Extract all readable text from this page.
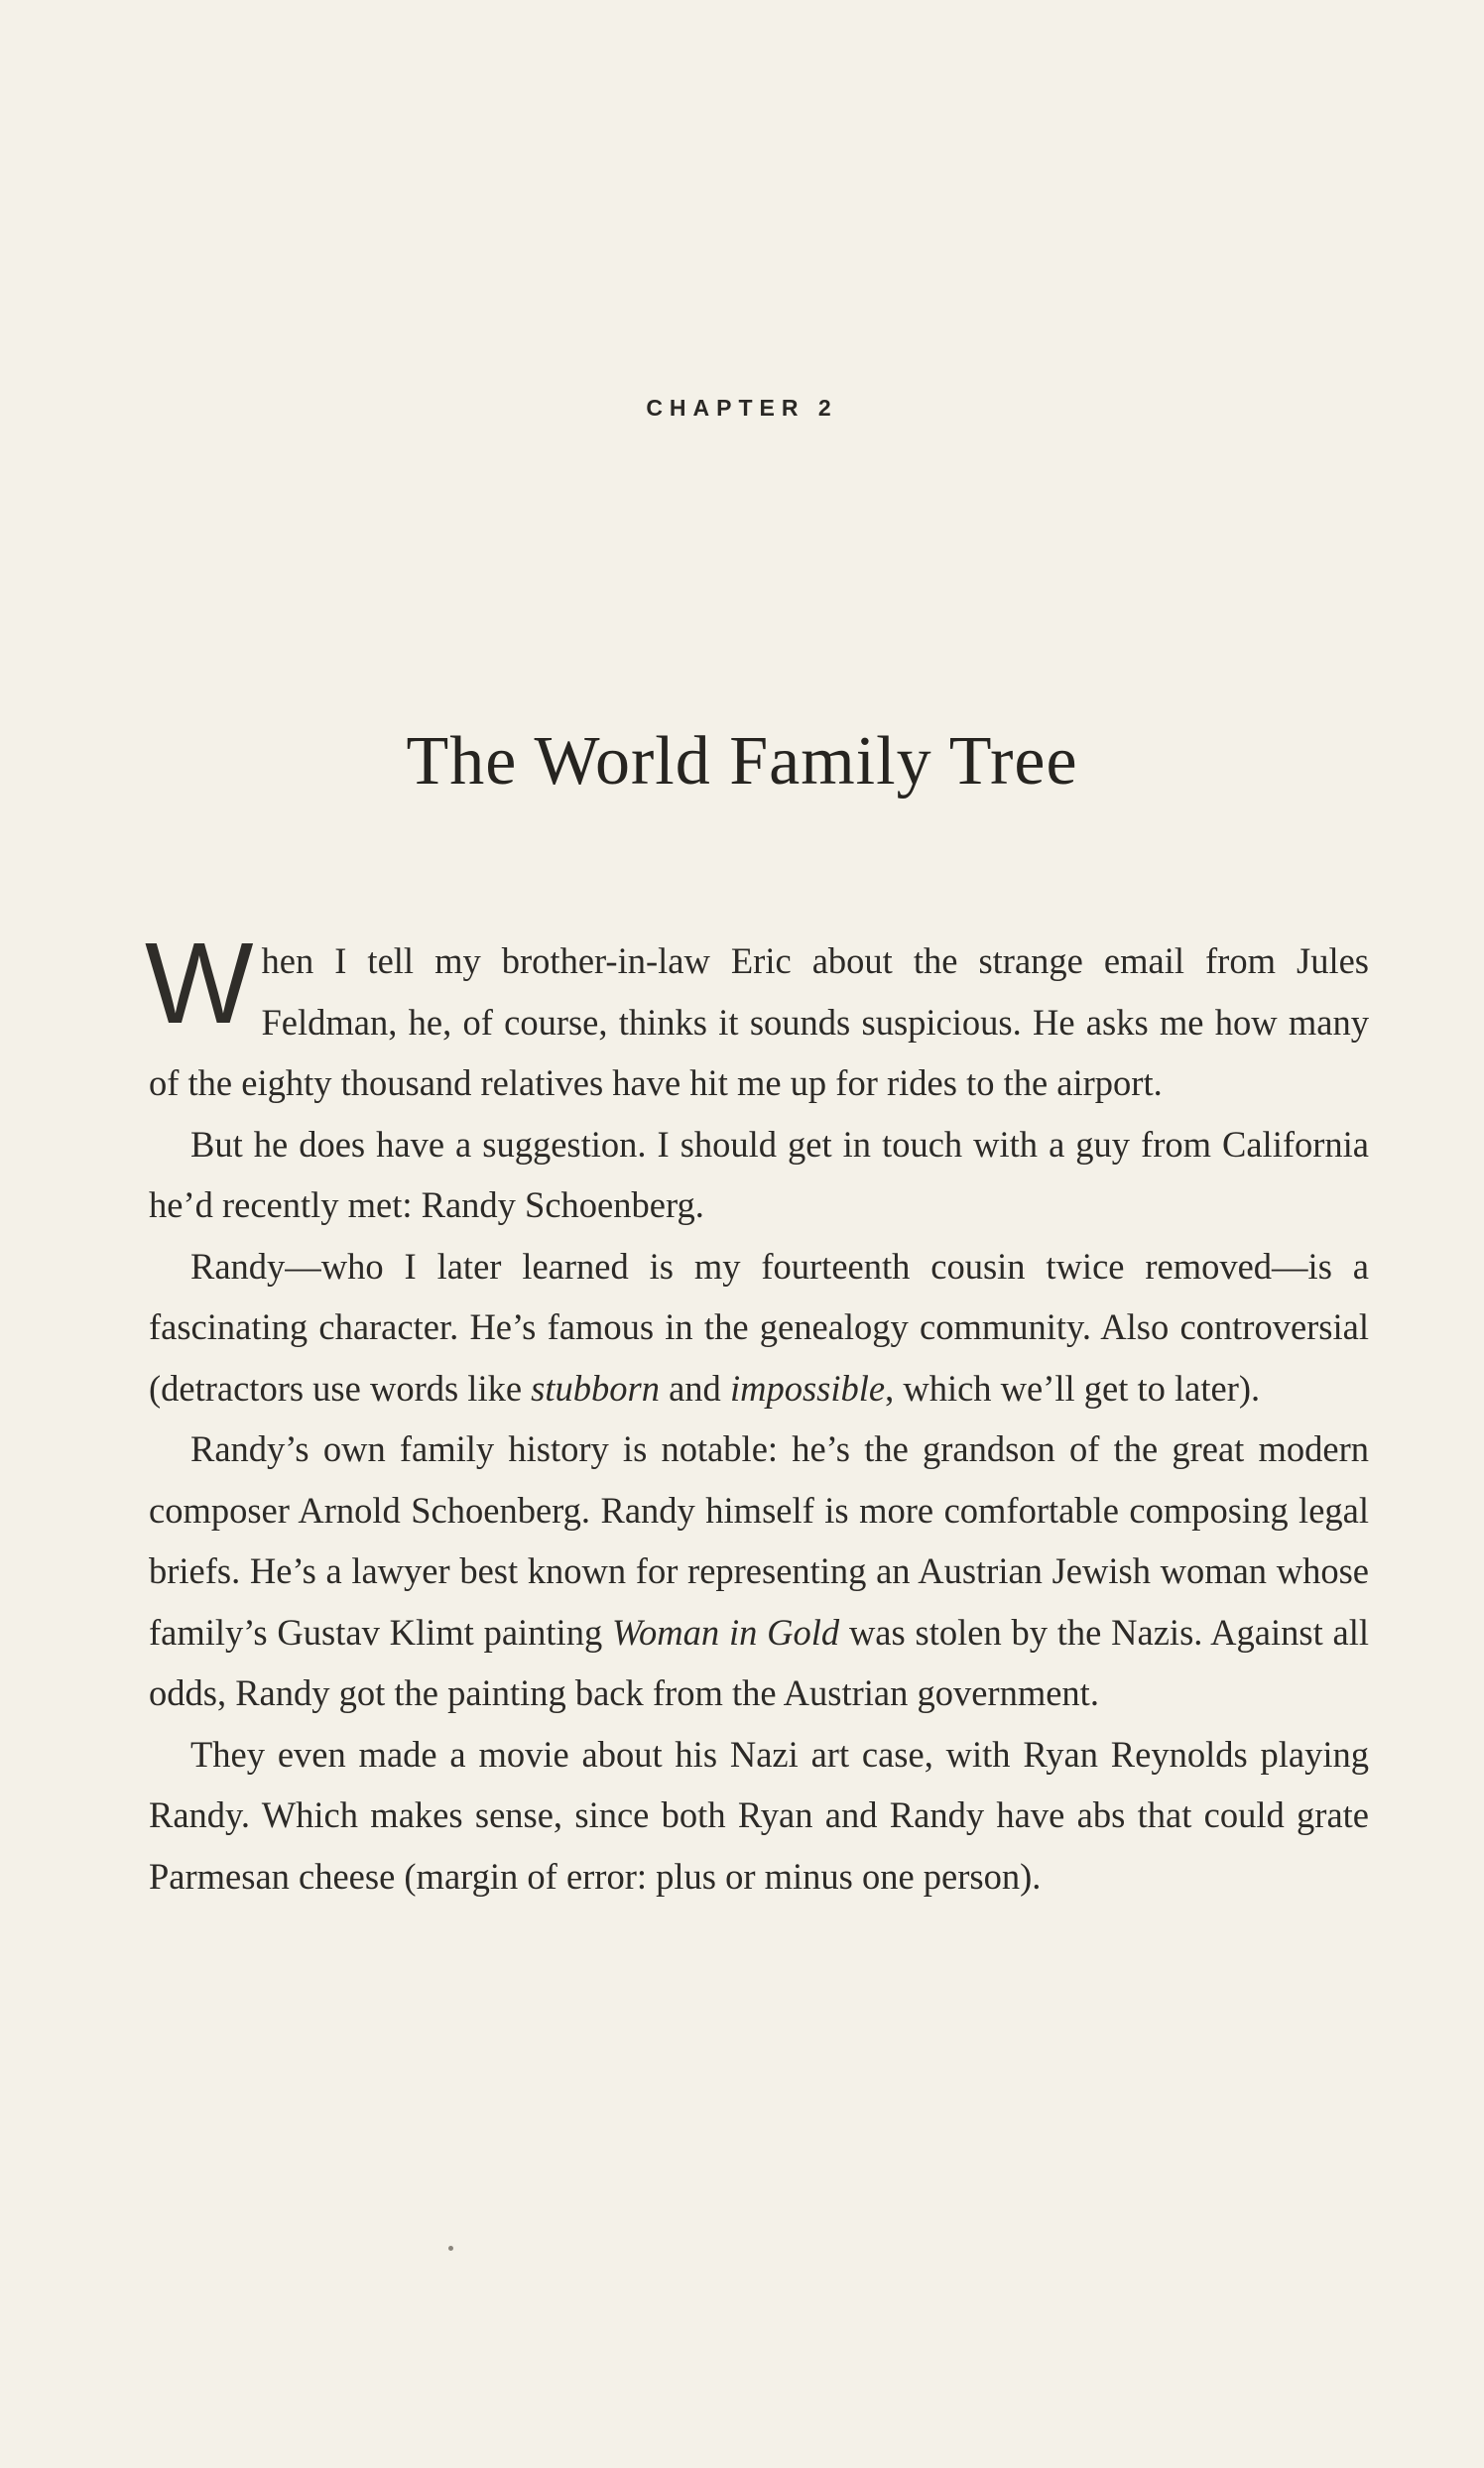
CHAPTER 2
The World Family Tree

When I tell my brother-in-law Eric about the strange email from Jules Feldman, he, of course, thinks it sounds suspicious. He asks me how many of the eighty thousand relatives have hit me up for rides to the airport.

But he does have a suggestion. I should get in touch with a guy from California he’d recently met: Randy Schoenberg.

Randy—who I later learned is my fourteenth cousin twice removed—is a fascinating character. He’s famous in the genealogy community. Also controversial (detractors use words like stubborn and impossible, which we’ll get to later).

Randy’s own family history is notable: he’s the grandson of the great modern composer Arnold Schoenberg. Randy himself is more comfortable composing legal briefs. He’s a lawyer best known for representing an Austrian Jewish woman whose family’s Gustav Klimt painting Woman in Gold was stolen by the Nazis. Against all odds, Randy got the painting back from the Austrian government.

They even made a movie about his Nazi art case, with Ryan Reynolds playing Randy. Which makes sense, since both Ryan and Randy have abs that could grate Parmesan cheese (margin of error: plus or minus one person).
